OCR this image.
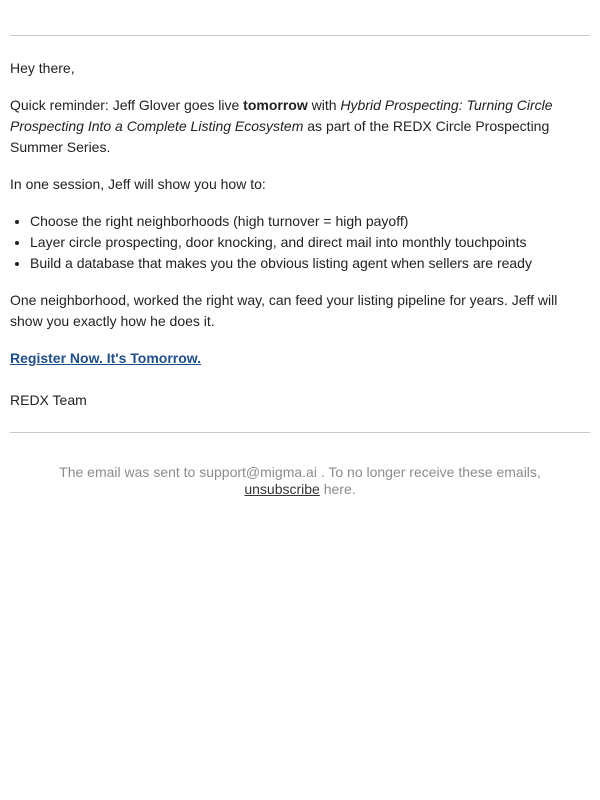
Hey there,

Quick reminder: Jeff Glover goes live tomorrow with Hybrid Prospecting: Turning Circle Prospecting Into a Complete Listing Ecosystem as part of the REDX Circle Prospecting Summer Series.

In one session, Jeff will show you how to:

• Choose the right neighborhoods (high turnover = high payoff)
• Layer circle prospecting, door knocking, and direct mail into monthly touchpoints
• Build a database that makes you the obvious listing agent when sellers are ready

One neighborhood, worked the right way, can feed your listing pipeline for years. Jeff will show you exactly how he does it.

Register Now. It's Tomorrow.

REDX Team

The email was sent to support@migma.ai . To no longer receive these emails,
unsubscribe here.
